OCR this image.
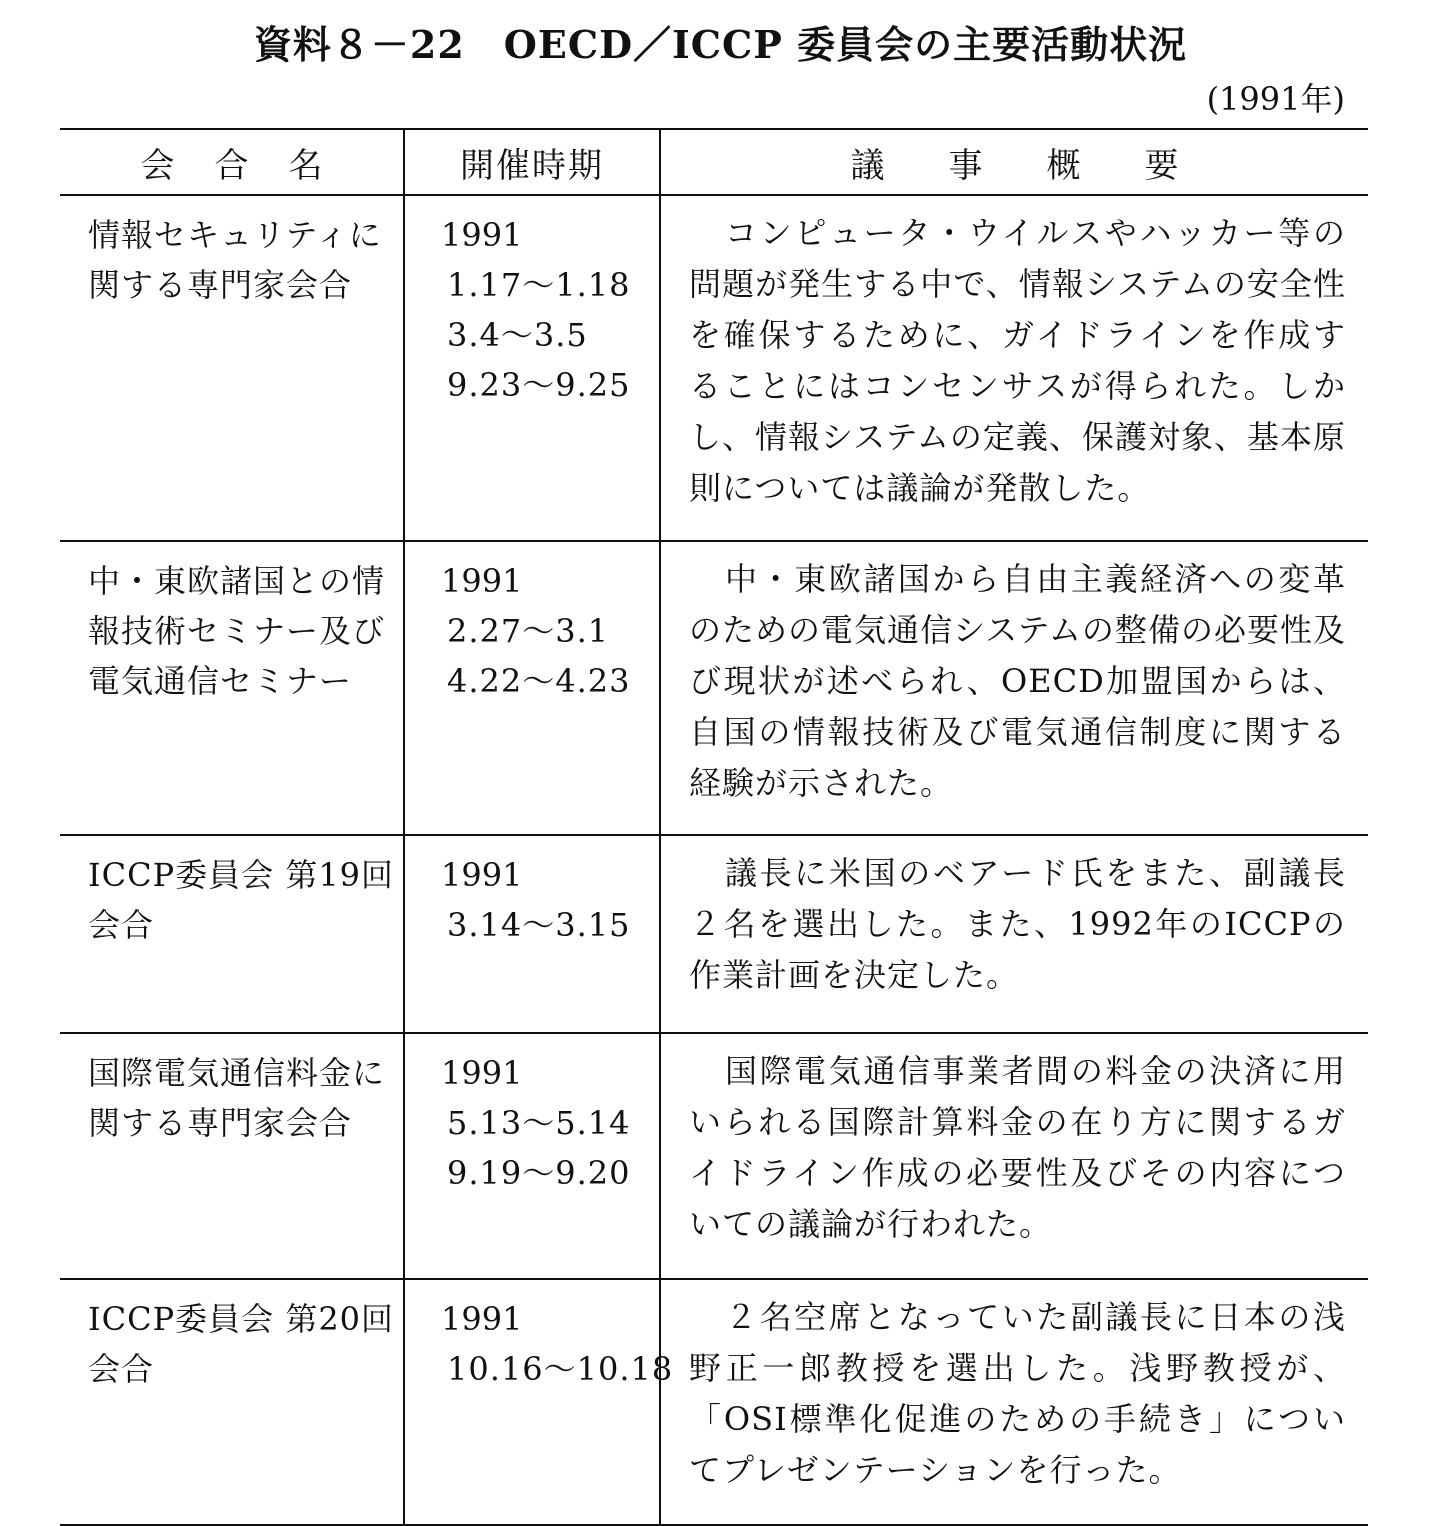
資料８－22　OECD／ICCP 委員会の主要活動状況
(1991年)
会合名	開催時期	議事概要
情報セキュリティに関する専門家会合	1991
1.17～1.18
3.4～3.5
9.23～9.25	コンピュータ・ウイルスやハッカー等の問題が発生する中で、情報システムの安全性を確保するために、ガイドラインを作成することにはコンセンサスが得られた。しかし、情報システムの定義、保護対象、基本原則については議論が発散した。
中・東欧諸国との情報技術セミナー及び電気通信セミナー	1991
2.27～3.1
4.22～4.23	中・東欧諸国から自由主義経済への変革のための電気通信システムの整備の必要性及び現状が述べられ、OECD加盟国からは、自国の情報技術及び電気通信制度に関する経験が示された。
ICCP委員会 第19回会合	1991
3.14～3.15	議長に米国のベアード氏をまた、副議長２名を選出した。また、1992年のICCPの作業計画を決定した。
国際電気通信料金に関する専門家会合	1991
5.13～5.14
9.19～9.20	国際電気通信事業者間の料金の決済に用いられる国際計算料金の在り方に関するガイドライン作成の必要性及びその内容についての議論が行われた。
ICCP委員会 第20回会合	1991
10.16～10.18	２名空席となっていた副議長に日本の浅野正一郎教授を選出した。浅野教授が、「OSI標準化促進のための手続き」についてプレゼンテーションを行った。
